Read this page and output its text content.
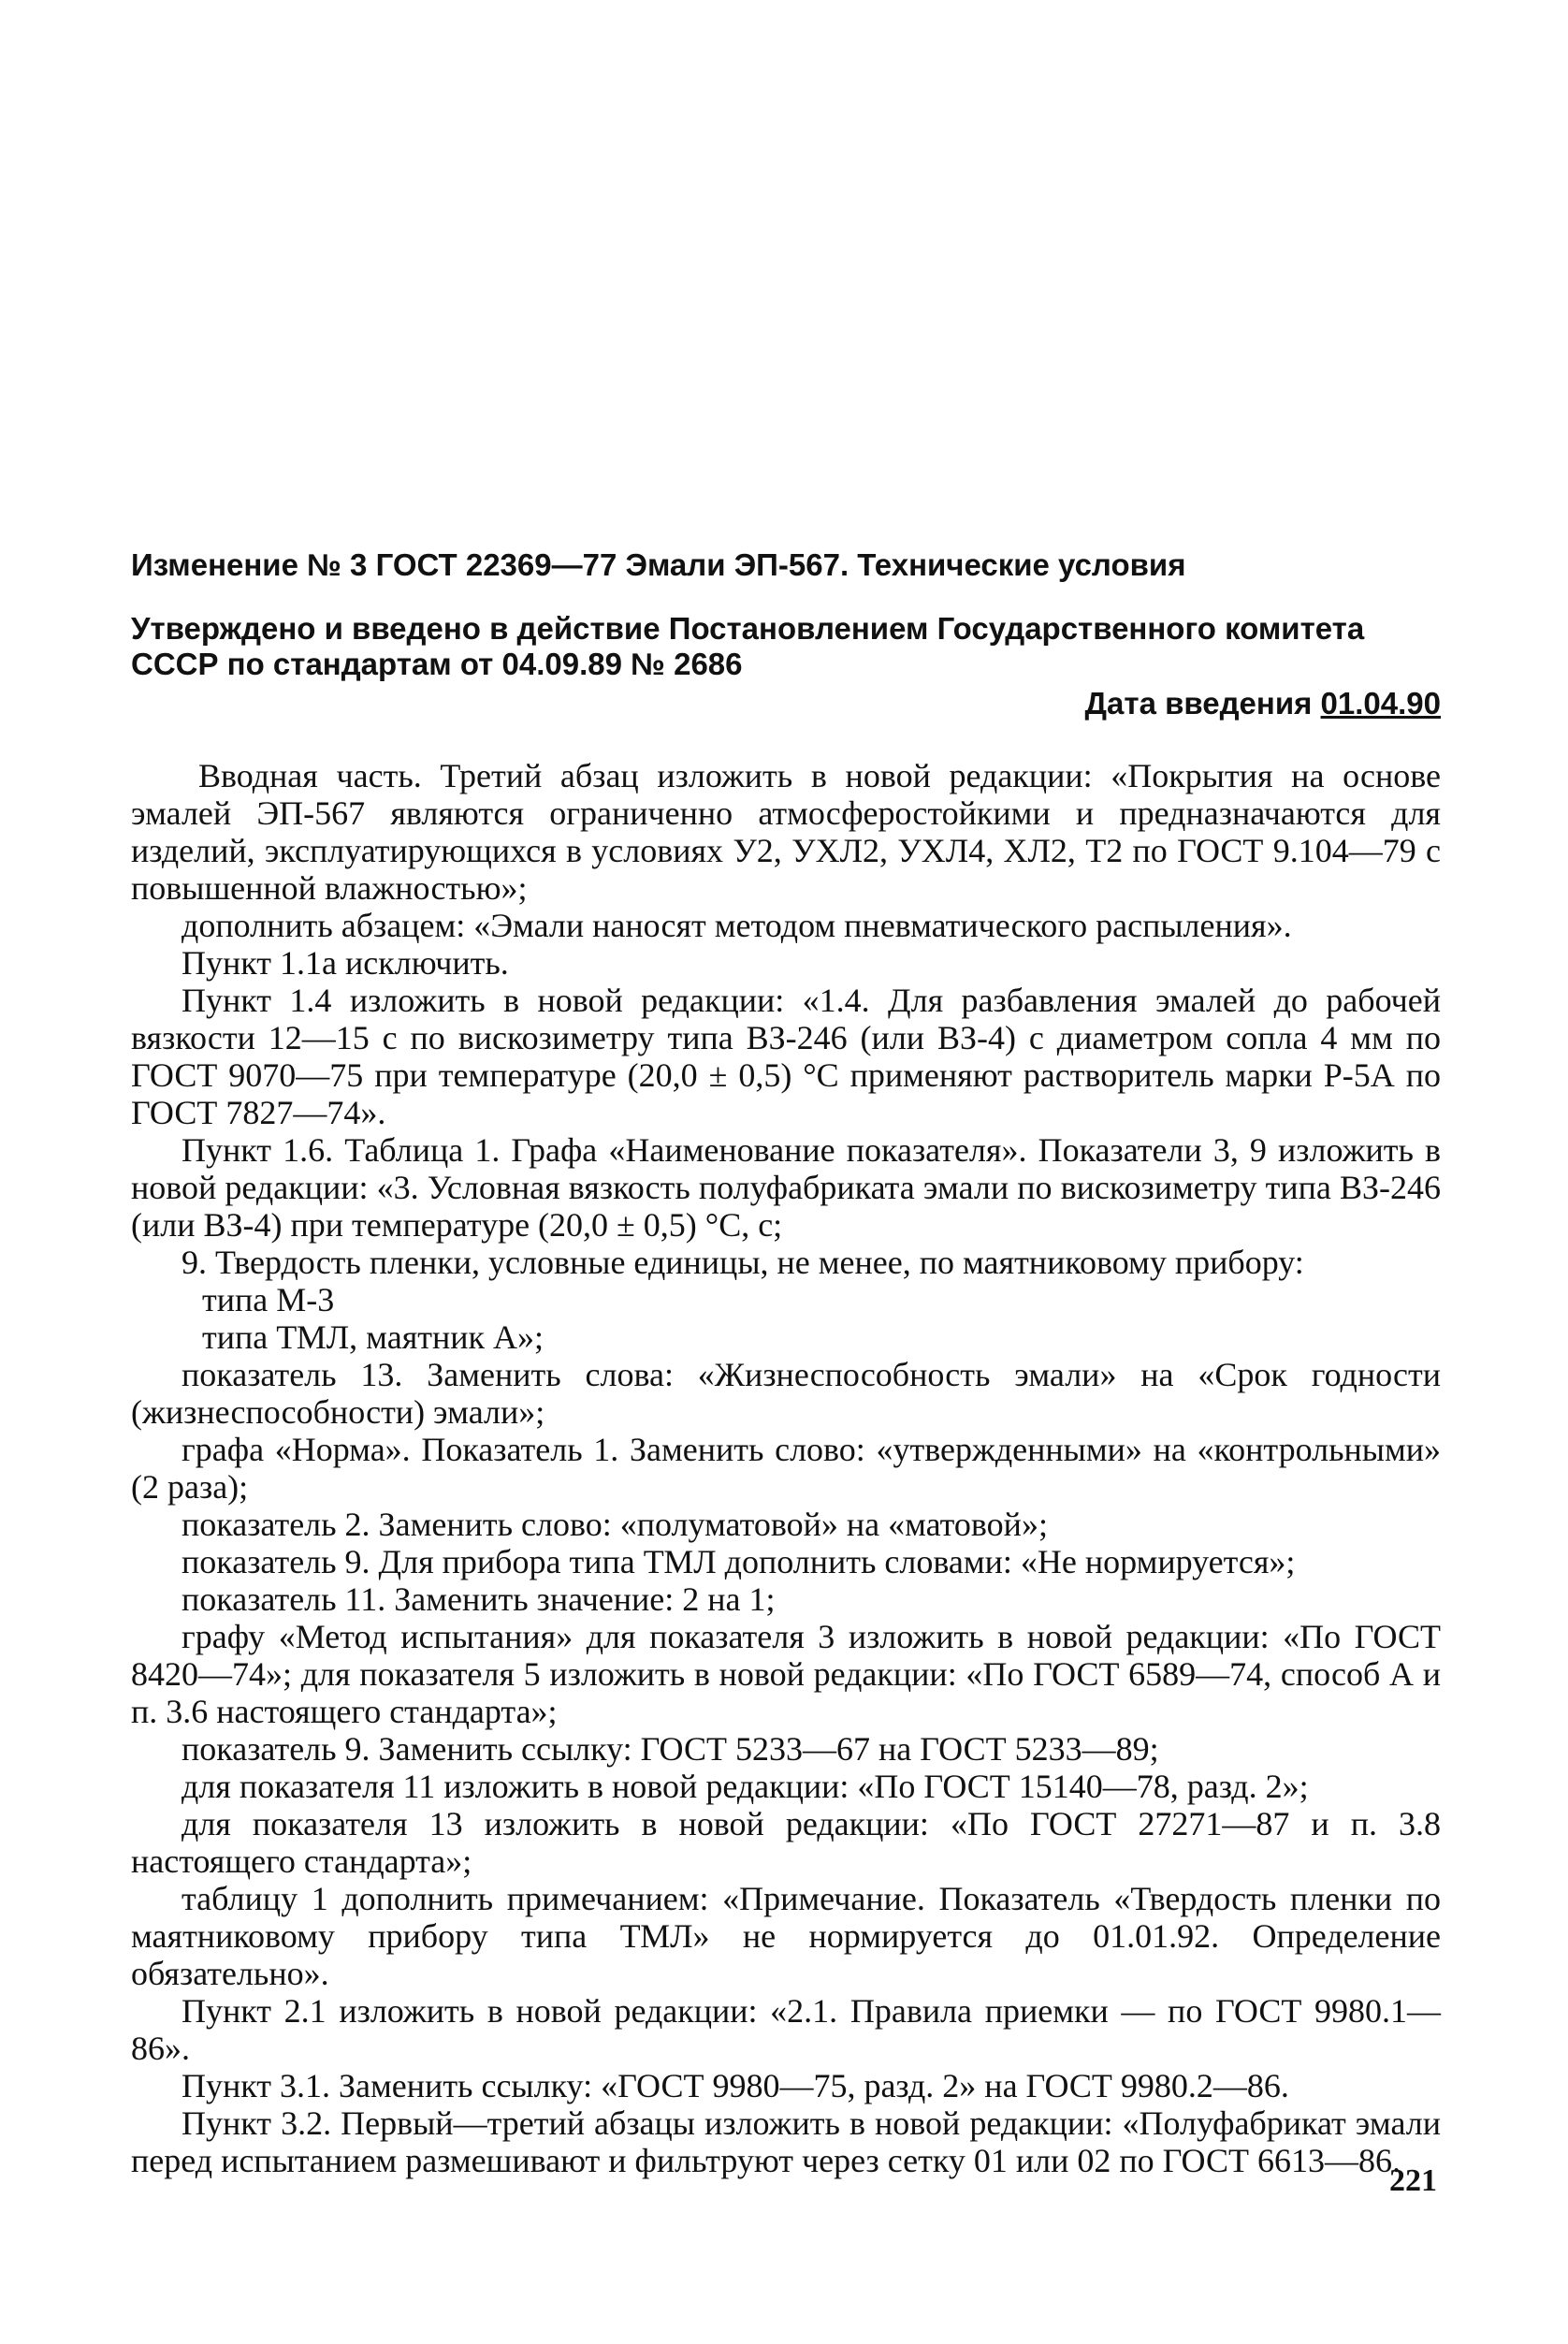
Изменение № 3 ГОСТ 22369—77 Эмали ЭП-567. Технические условия
Утверждено и введено в действие Постановлением Государственного комитета СССР по стандартам от 04.09.89 № 2686
Дата введения 01.04.90

Вводная часть. Третий абзац изложить в новой редакции: «Покрытия на основе эмалей ЭП-567 являются ограниченно атмосферостойкими и предназначаются для изделий, эксплуатирующихся в условиях У2, УХЛ2, УХЛ4, ХЛ2, Т2 по ГОСТ 9.104—79 с повышенной влажностью»;

дополнить абзацем: «Эмали наносят методом пневматического распыления».

Пункт 1.1а исключить.

Пункт 1.4 изложить в новой редакции: «1.4. Для разбавления эмалей до рабочей вязкости 12—15 с по вискозиметру типа ВЗ-246 (или ВЗ-4) с диаметром сопла 4 мм по ГОСТ 9070—75 при температуре (20,0 ± 0,5) °С применяют растворитель марки Р-5А по ГОСТ 7827—74».

Пункт 1.6. Таблица 1. Графа «Наименование показателя». Показатели 3, 9 изложить в новой редакции: «3. Условная вязкость полуфабриката эмали по вискозиметру типа ВЗ-246 (или ВЗ-4) при температуре (20,0 ± 0,5) °С, с;

9. Твердость пленки, условные единицы, не менее, по маятниковому прибору:

типа М-3

типа ТМЛ, маятник А»;

показатель 13. Заменить слова: «Жизнеспособность эмали» на «Срок годности (жизнеспособности) эмали»;

графа «Норма». Показатель 1. Заменить слово: «утвержденными» на «контрольными» (2 раза);

показатель 2. Заменить слово: «полуматовой» на «матовой»;

показатель 9. Для прибора типа ТМЛ дополнить словами: «Не нормируется»;

показатель 11. Заменить значение: 2 на 1;

графу «Метод испытания» для показателя 3 изложить в новой редакции: «По ГОСТ 8420—74»; для показателя 5 изложить в новой редакции: «По ГОСТ 6589—74, способ А и п. 3.6 настоящего стандарта»;

показатель 9. Заменить ссылку: ГОСТ 5233—67 на ГОСТ 5233—89;

для показателя 11 изложить в новой редакции: «По ГОСТ 15140—78, разд. 2»;

для показателя 13 изложить в новой редакции: «По ГОСТ 27271—87 и п. 3.8 настоящего стандарта»;

таблицу 1 дополнить примечанием: «Примечание. Показатель «Твердость пленки по маятниковому прибору типа ТМЛ» не нормируется до 01.01.92. Определение обязательно».

Пункт 2.1 изложить в новой редакции: «2.1. Правила приемки — по ГОСТ 9980.1—86».

Пункт 3.1. Заменить ссылку: «ГОСТ 9980—75, разд. 2» на ГОСТ 9980.2—86.

Пункт 3.2. Первый—третий абзацы изложить в новой редакции: «Полуфабрикат эмали перед испытанием размешивают и фильтруют через сетку 01 или 02 по ГОСТ 6613—86.

221
